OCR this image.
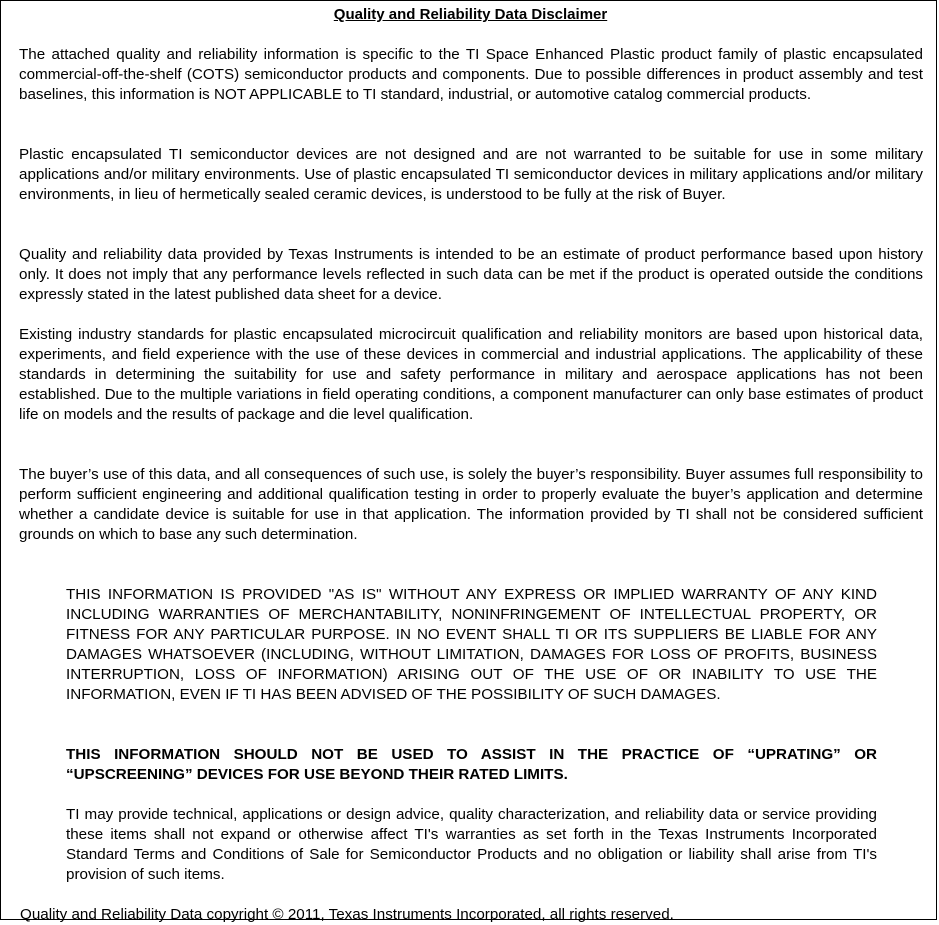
Quality and Reliability Data Disclaimer

The attached quality and reliability information is specific to the TI Space Enhanced Plastic product family of plastic encapsulated commercial-off-the-shelf (COTS) semiconductor products and components. Due to possible differences in product assembly and test baselines, this information is NOT APPLICABLE to TI standard, industrial, or automotive catalog commercial products.

Plastic encapsulated TI semiconductor devices are not designed and are not warranted to be suitable for use in some military applications and/or military environments. Use of plastic encapsulated TI semiconductor devices in military applications and/or military environments, in lieu of hermetically sealed ceramic devices, is understood to be fully at the risk of Buyer.

Quality and reliability data provided by Texas Instruments is intended to be an estimate of product performance based upon history only. It does not imply that any performance levels reflected in such data can be met if the product is operated outside the conditions expressly stated in the latest published data sheet for a device.

Existing industry standards for plastic encapsulated microcircuit qualification and reliability monitors are based upon historical data, experiments, and field experience with the use of these devices in commercial and industrial applications. The applicability of these standards in determining the suitability for use and safety performance in military and aerospace applications has not been established. Due to the multiple variations in field operating conditions, a component manufacturer can only base estimates of product life on models and the results of package and die level qualification.

The buyer’s use of this data, and all consequences of such use, is solely the buyer’s responsibility. Buyer assumes full responsibility to perform sufficient engineering and additional qualification testing in order to properly evaluate the buyer’s application and determine whether a candidate device is suitable for use in that application. The information provided by TI shall not be considered sufficient grounds on which to base any such determination.

THIS INFORMATION IS PROVIDED "AS IS" WITHOUT ANY EXPRESS OR IMPLIED WARRANTY OF ANY KIND INCLUDING WARRANTIES OF MERCHANTABILITY, NONINFRINGEMENT OF INTELLECTUAL PROPERTY, OR FITNESS FOR ANY PARTICULAR PURPOSE. IN NO EVENT SHALL TI OR ITS SUPPLIERS BE LIABLE FOR ANY DAMAGES WHATSOEVER (INCLUDING, WITHOUT LIMITATION, DAMAGES FOR LOSS OF PROFITS, BUSINESS INTERRUPTION, LOSS OF INFORMATION) ARISING OUT OF THE USE OF OR INABILITY TO USE THE INFORMATION, EVEN IF TI HAS BEEN ADVISED OF THE POSSIBILITY OF SUCH DAMAGES.

THIS INFORMATION SHOULD NOT BE USED TO ASSIST IN THE PRACTICE OF “UPRATING” OR “UPSCREENING” DEVICES FOR USE BEYOND THEIR RATED LIMITS.

TI may provide technical, applications or design advice, quality characterization, and reliability data or service providing these items shall not expand or otherwise affect TI's warranties as set forth in the Texas Instruments Incorporated Standard Terms and Conditions of Sale for Semiconductor Products and no obligation or liability shall arise from TI's provision of such items.

Quality and Reliability Data copyright © 2011, Texas Instruments Incorporated, all rights reserved.
